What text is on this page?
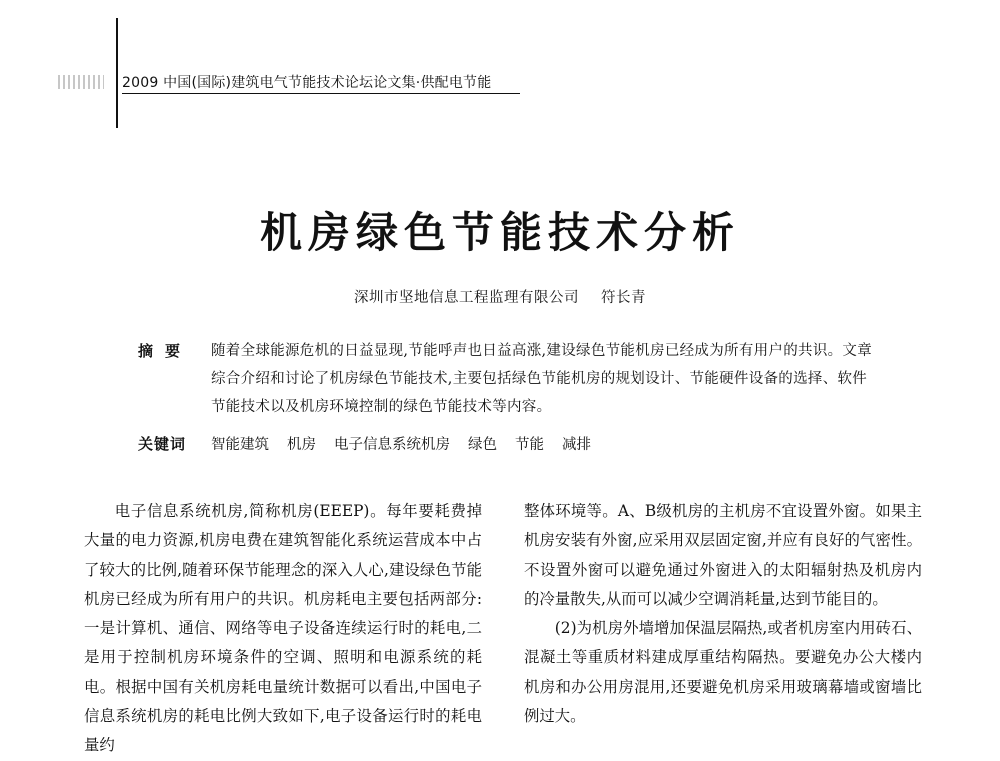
2009 中国(国际)建筑电气节能技术论坛论文集·供配电节能
机房绿色节能技术分析
深圳市坚地信息工程监理有限公司 符长青
摘要 随着全球能源危机的日益显现,节能呼声也日益高涨,建设绿色节能机房已经成为所有用户的共识。文章综合介绍和讨论了机房绿色节能技术,主要包括绿色节能机房的规划设计、节能硬件设备的选择、软件节能技术以及机房环境控制的绿色节能技术等内容。
关键词 智能建筑 机房 电子信息系统机房 绿色 节能 减排

电子信息系统机房,简称机房(EEEP)。每年要耗费掉大量的电力资源,机房电费在建筑智能化系统运营成本中占了较大的比例,随着环保节能理念的深入人心,建设绿色节能机房已经成为所有用户的共识。机房耗电主要包括两部分:一是计算机、通信、网络等电子设备连续运行时的耗电,二是用于控制机房环境条件的空调、照明和电源系统的耗电。根据中国有关机房耗电量统计数据可以看出,中国电子信息系统机房的耗电比例大致如下,电子设备运行时的耗电量约

整体环境等。A、B级机房的主机房不宜设置外窗。如果主机房安装有外窗,应采用双层固定窗,并应有良好的气密性。不设置外窗可以避免通过外窗进入的太阳辐射热及机房内的冷量散失,从而可以减少空调消耗量,达到节能目的。

(2)为机房外墙增加保温层隔热,或者机房室内用砖石、混凝土等重质材料建成厚重结构隔热。要避免办公大楼内机房和办公用房混用,还要避免机房采用玻璃幕墙或窗墙比例过大。
